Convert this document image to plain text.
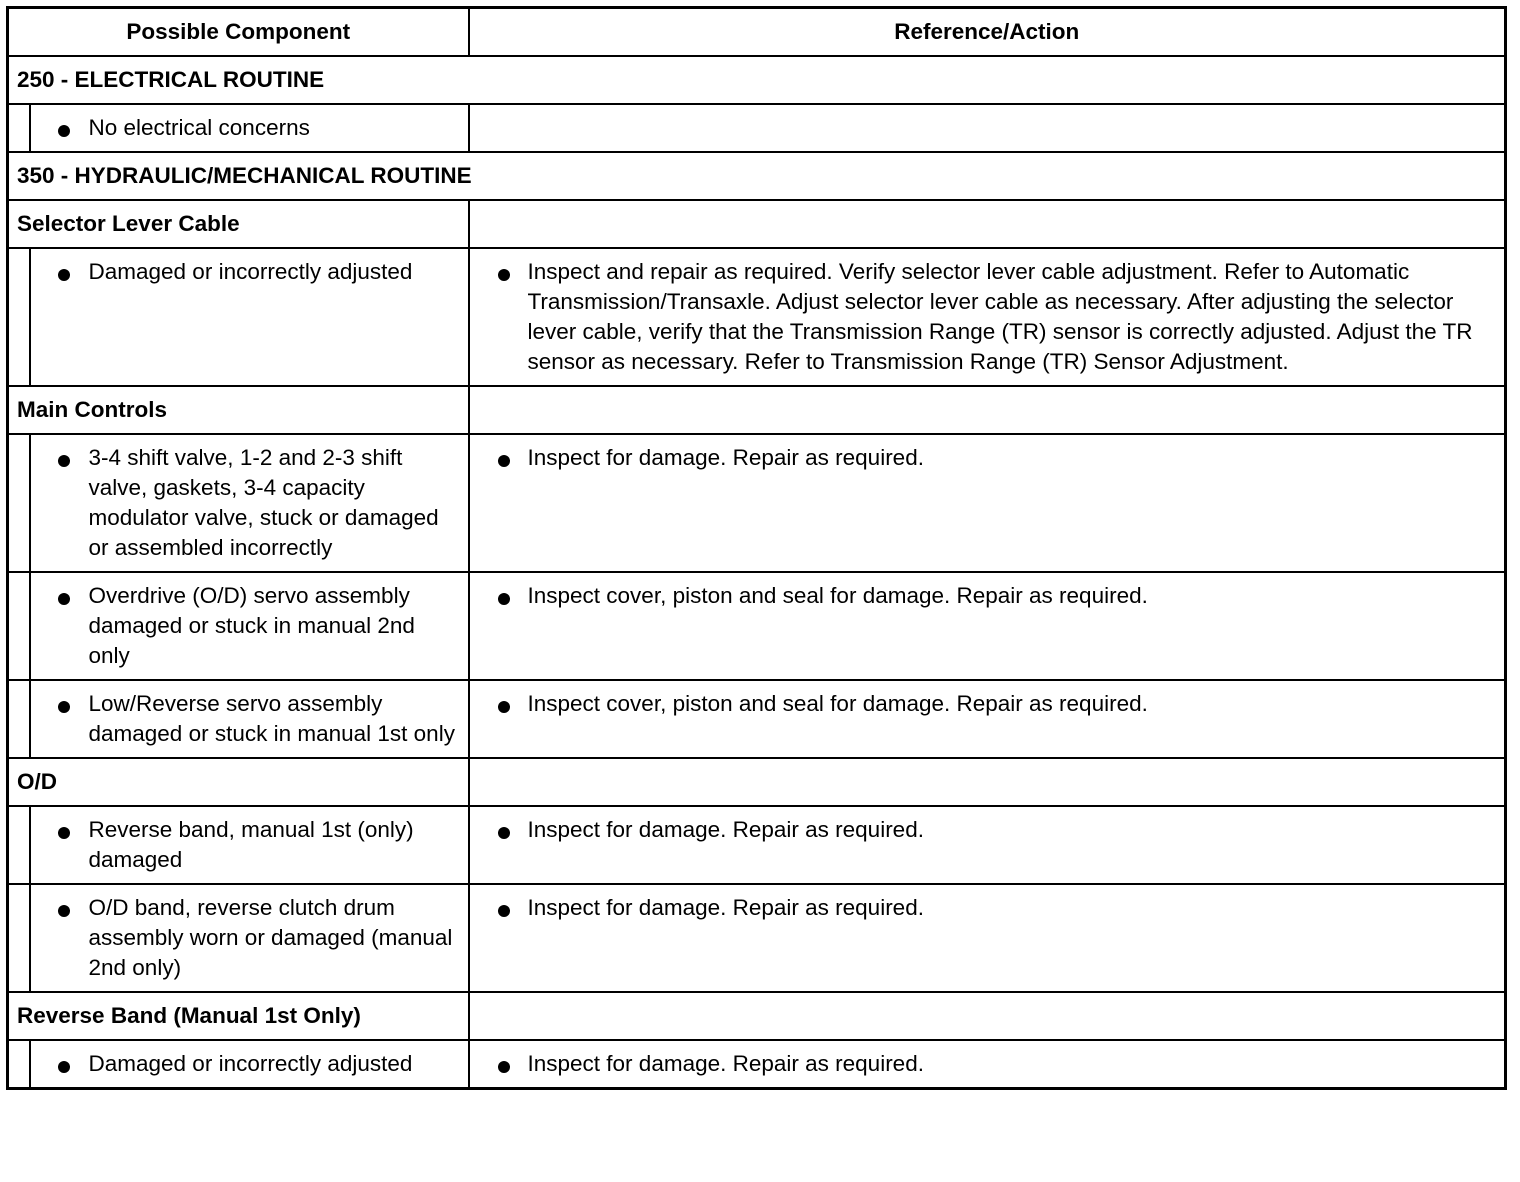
Possible Component		Reference/Action
250 - ELECTRICAL ROUTINE		

No electrical concerns	

350 - HYDRAULIC/MECHANICAL ROUTINE		
Selector Lever Cable		

Damaged or incorrectly adjusted	Inspect and repair as required. Verify selector lever cable adjustment. Refer to Automatic Transmission/Transaxle. Adjust selector lever cable as necessary. After adjusting the selector lever cable, verify that the Transmission Range (TR) sensor is correctly adjusted. Adjust the TR sensor as necessary. Refer to Transmission Range (TR) Sensor Adjustment.

Main Controls		

3-4 shift valve, 1-2 and 2-3 shift valve, gaskets, 3-4 capacity modulator valve, stuck or damaged or assembled incorrectly	Inspect for damage. Repair as required.

Overdrive (O/D) servo assembly damaged or stuck in manual 2nd only	Inspect cover, piston and seal for damage. Repair as required.

Low/Reverse servo assembly damaged or stuck in manual 1st only	Inspect cover, piston and seal for damage. Repair as required.

O/D		

Reverse band, manual 1st (only) damaged	Inspect for damage. Repair as required.

O/D band, reverse clutch drum assembly worn or damaged (manual 2nd only)	Inspect for damage. Repair as required.

Reverse Band (Manual 1st Only)		

Damaged or incorrectly adjusted	Inspect for damage. Repair as required.
